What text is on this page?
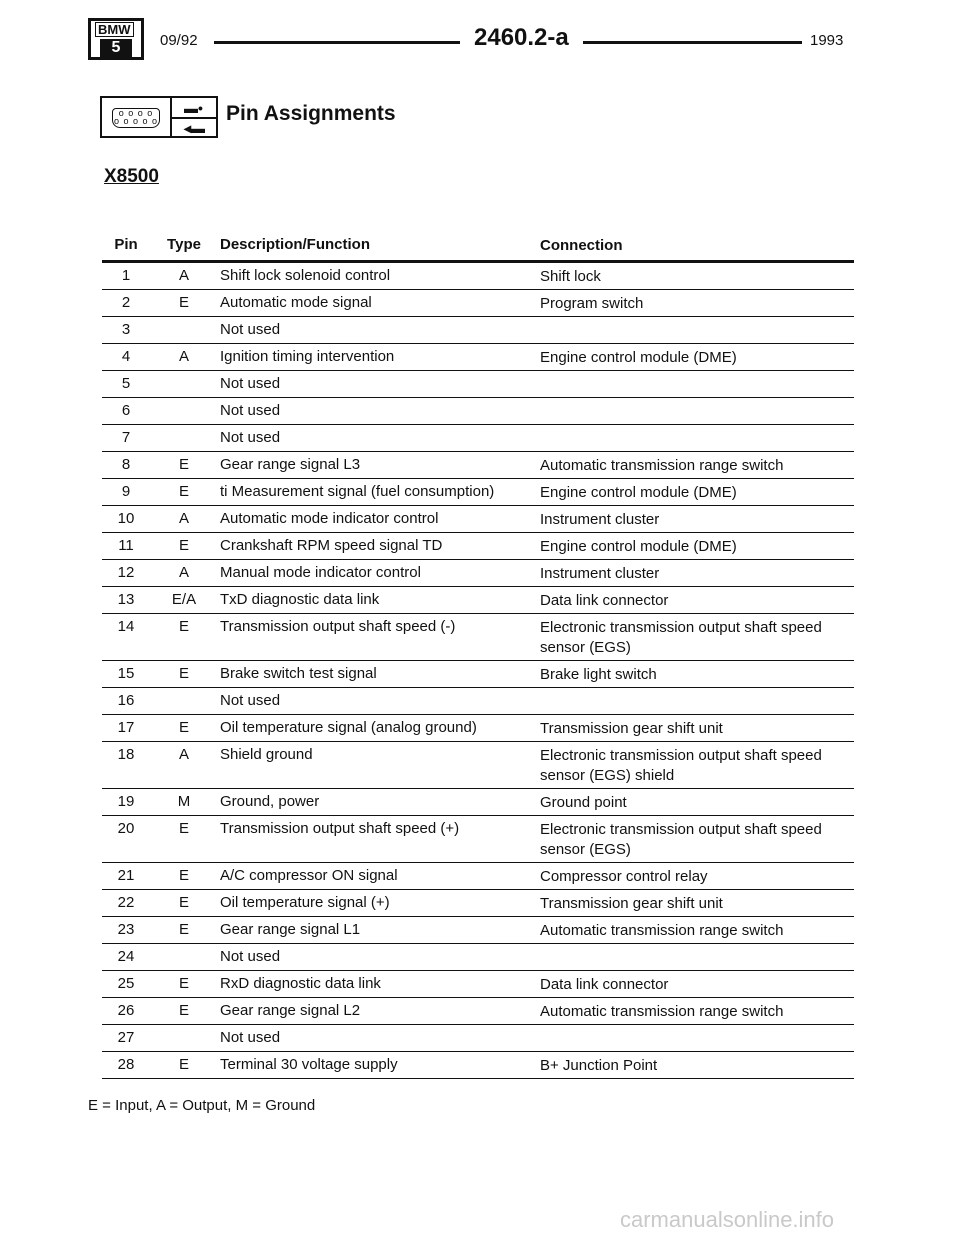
BMW
5	09/92	2460.2-a	1993
o o o o
o o o o o
▬•
◂▬
Pin Assignments
X8500
Pin	Type Description/Function	Connection
1	A	Shift lock solenoid control	Shift lock
2	E	Automatic mode signal	Program switch
3	Not used
4	A	Ignition timing intervention	Engine control module (DME)
5	Not used
6	Not used
7	Not used
8	E	Gear range signal L3	Automatic transmission range switch
9	E	ti Measurement signal (fuel consumption)	Engine control module (DME)
10	A	Automatic mode indicator control	Instrument cluster
11	E	Crankshaft RPM speed signal TD	Engine control module (DME)
12	A	Manual mode indicator control	Instrument cluster
13	E/A	TxD diagnostic data link	Data link connector
14	E	Transmission output shaft speed (-)	Electronic transmission output shaft speed sensor (EGS)
15	E	Brake switch test signal	Brake light switch
16	Not used
17	E	Oil temperature signal (analog ground)	Transmission gear shift unit
18	A	Shield ground	Electronic transmission output shaft speed sensor (EGS) shield
19	M	Ground, power	Ground point
20	E	Transmission output shaft speed (+)	Electronic transmission output shaft speed sensor (EGS)
21	E	A/C compressor ON signal	Compressor control relay
22	E	Oil temperature signal (+)	Transmission gear shift unit
23	E	Gear range signal L1	Automatic transmission range switch
24	Not used
25	E	RxD diagnostic data link	Data link connector
26	E	Gear range signal L2	Automatic transmission range switch
27	Not used
28	E	Terminal 30 voltage supply	B+ Junction Point
E = Input, A = Output, M = Ground
carmanualsonline.info
